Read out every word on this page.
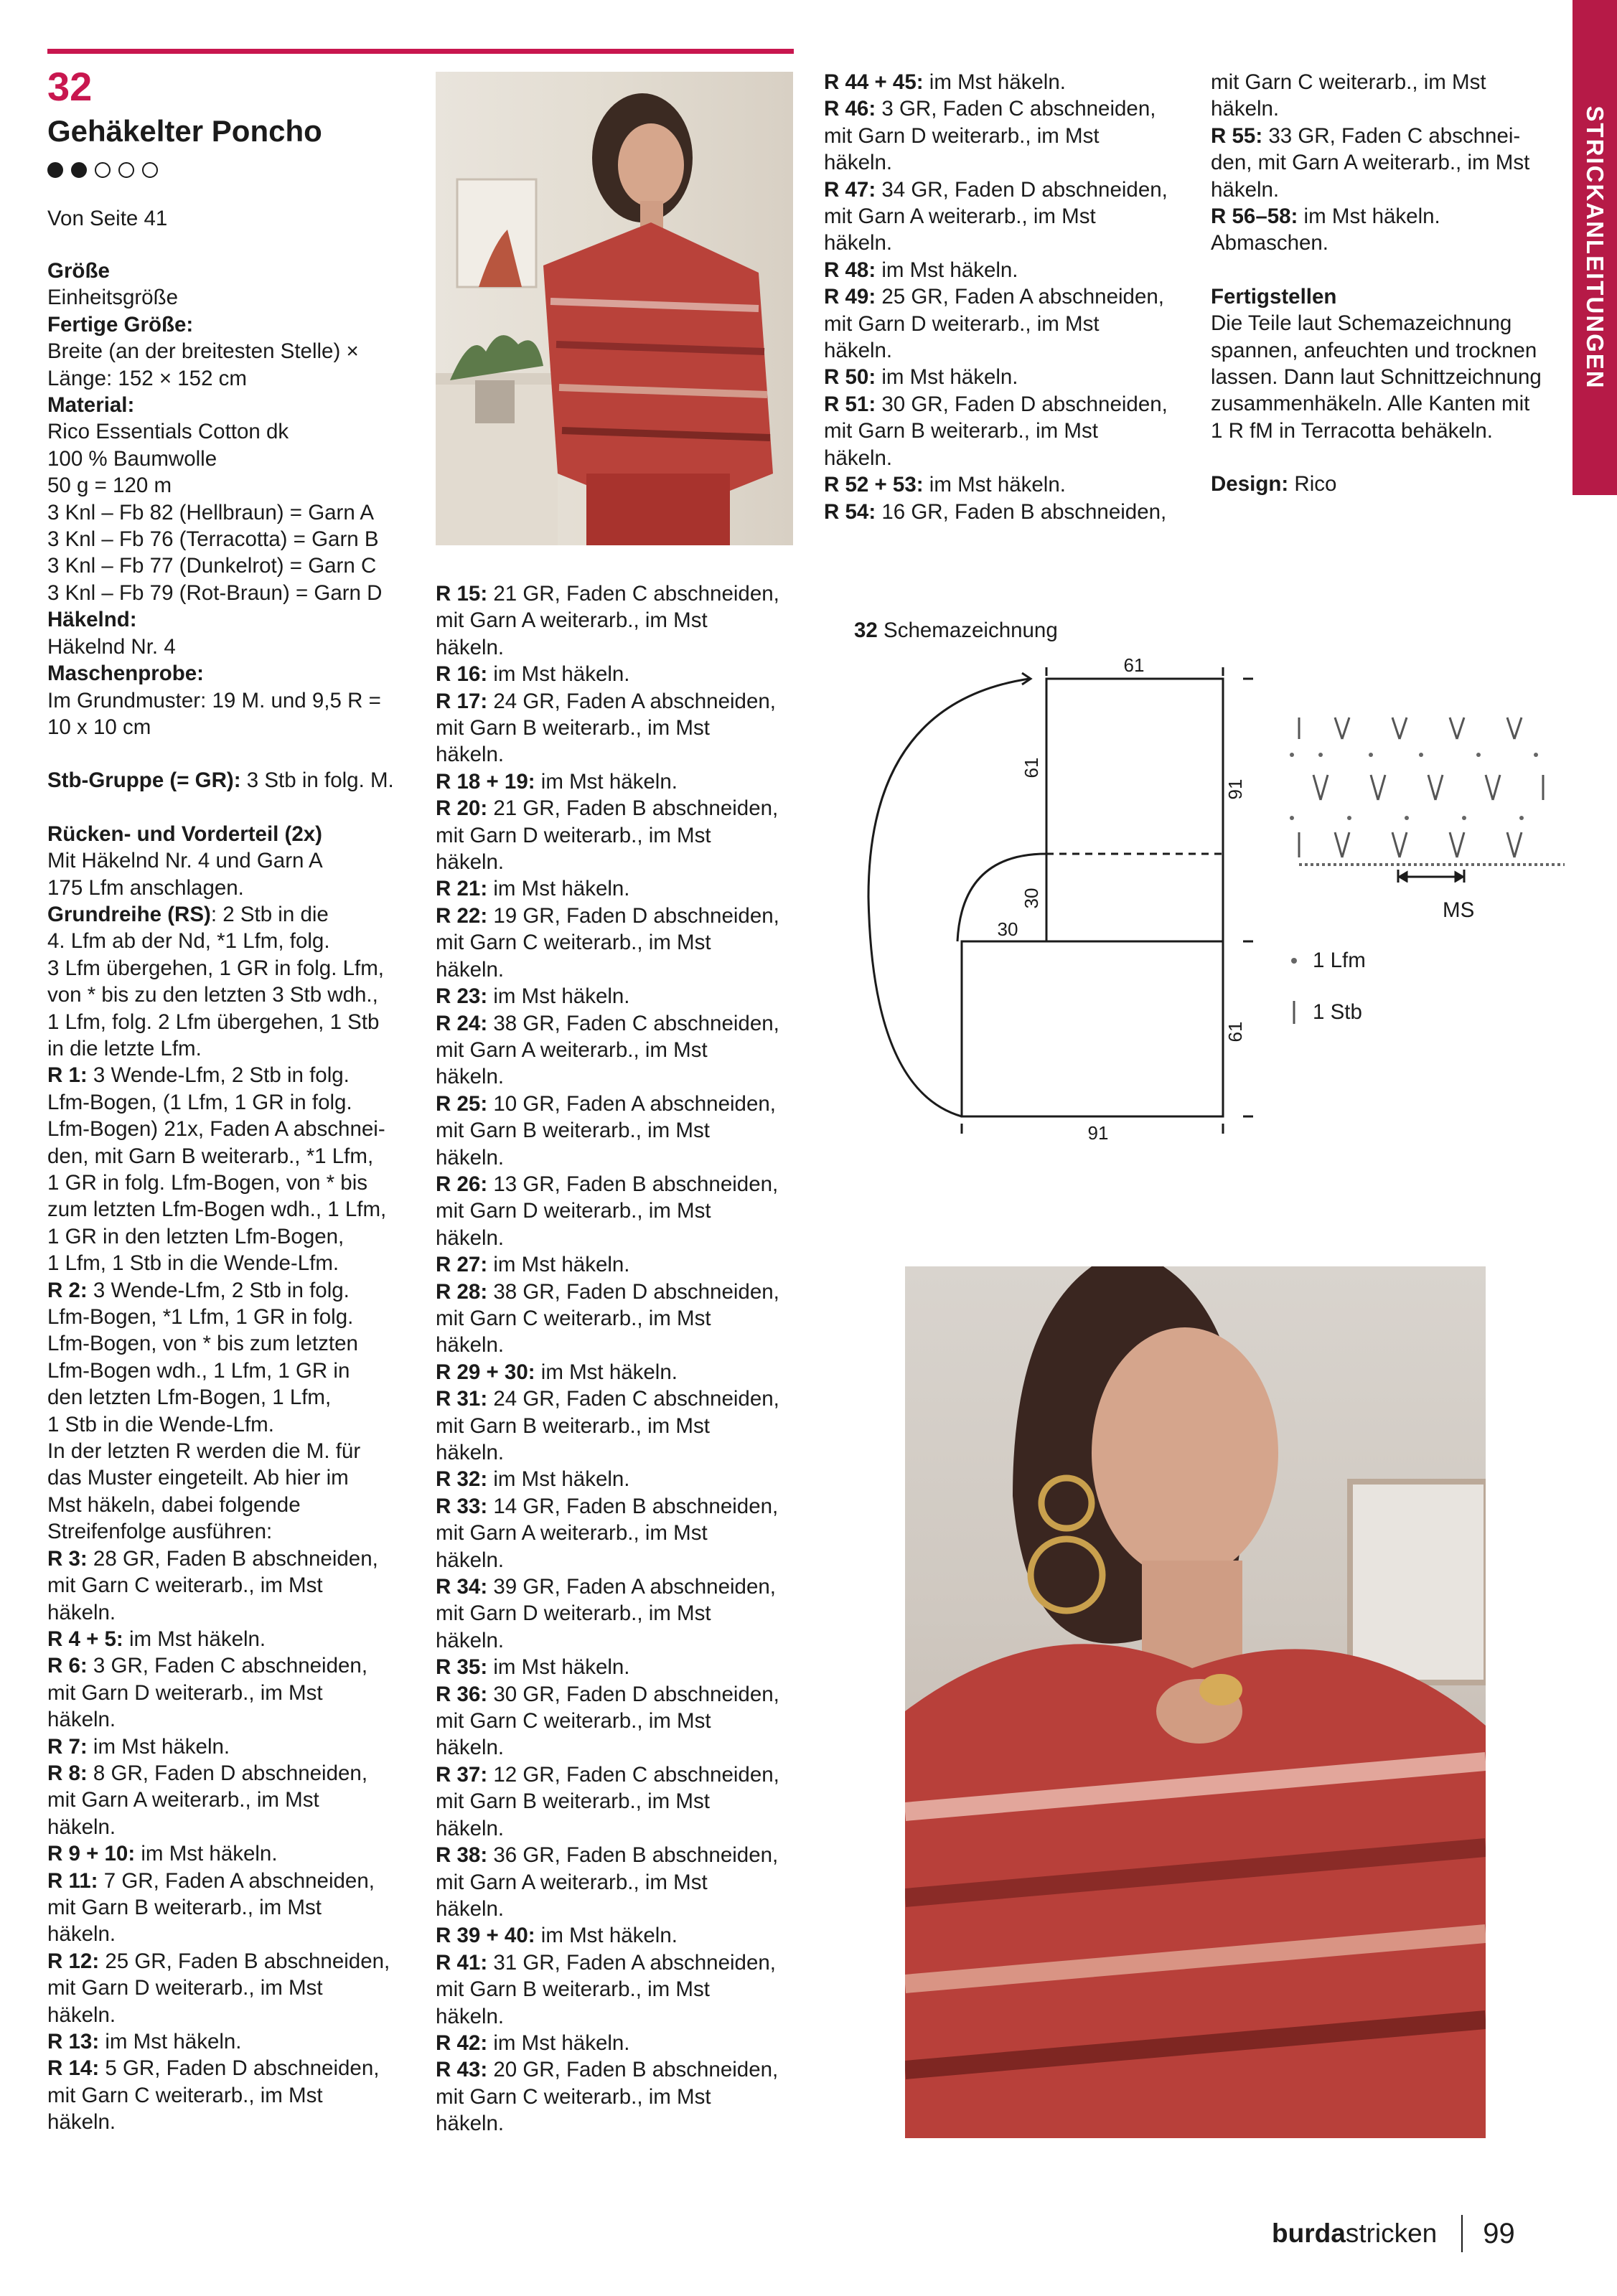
32
Gehäkelter Poncho
Von Seite 41

Größe

Einheitsgröße

Fertige Größe:

Breite (an der breitesten Stelle) ×

Länge: 152 × 152 cm

Material:

Rico Essentials Cotton dk

100 % Baumwolle

50 g = 120 m

3 Knl – Fb 82 (Hellbraun) = Garn A

3 Knl – Fb 76 (Terracotta) = Garn B

3 Knl – Fb 77 (Dunkelrot) = Garn C

3 Knl – Fb 79 (Rot-Braun) = Garn D

Häkelnd:

Häkelnd Nr. 4

Maschenprobe:

Im Grundmuster: 19 M. und 9,5 R =

10 x 10 cm

Stb-Gruppe (= GR): 3 Stb in folg. M.

Rücken- und Vorderteil (2x)

Mit Häkelnd Nr. 4 und Garn A

175 Lfm anschlagen.

Grundreihe (RS): 2 Stb in die

4. Lfm ab der Nd, *1 Lfm, folg.

3 Lfm übergehen, 1 GR in folg. Lfm,

von * bis zu den letzten 3 Stb wdh.,

1 Lfm, folg. 2 Lfm übergehen, 1 Stb

in die letzte Lfm.

R 1: 3 Wende-Lfm, 2 Stb in folg.

Lfm-Bogen, (1 Lfm, 1 GR in folg.

Lfm-Bogen) 21x, Faden A abschnei-

den, mit Garn B weiterarb., *1 Lfm,

1 GR in folg. Lfm-Bogen, von * bis

zum letzten Lfm-Bogen wdh., 1 Lfm,

1 GR in den letzten Lfm-Bogen,

1 Lfm, 1 Stb in die Wende-Lfm.

R 2: 3 Wende-Lfm, 2 Stb in folg.

Lfm-Bogen, *1 Lfm, 1 GR in folg.

Lfm-Bogen, von * bis zum letzten

Lfm-Bogen wdh., 1 Lfm, 1 GR in

den letzten Lfm-Bogen, 1 Lfm,

1 Stb in die Wende-Lfm.

In der letzten R werden die M. für

das Muster eingeteilt. Ab hier im

Mst häkeln, dabei folgende

Streifenfolge ausführen:

R 3: 28 GR, Faden B abschneiden,

mit Garn C weiterarb., im Mst

häkeln.

R 4 + 5: im Mst häkeln.

R 6: 3 GR, Faden C abschneiden,

mit Garn D weiterarb., im Mst

häkeln.

R 7: im Mst häkeln.

R 8: 8 GR, Faden D abschneiden,

mit Garn A weiterarb., im Mst

häkeln.

R 9 + 10: im Mst häkeln.

R 11: 7 GR, Faden A abschneiden,

mit Garn B weiterarb., im Mst

häkeln.

R 12: 25 GR, Faden B abschneiden,

mit Garn D weiterarb., im Mst

häkeln.

R 13: im Mst häkeln.

R 14: 5 GR, Faden D abschneiden,

mit Garn C weiterarb., im Mst

häkeln.

R 15: 21 GR, Faden C abschneiden,

mit Garn A weiterarb., im Mst

häkeln.

R 16: im Mst häkeln.

R 17: 24 GR, Faden A abschneiden,

mit Garn B weiterarb., im Mst

häkeln.

R 18 + 19: im Mst häkeln.

R 20: 21 GR, Faden B abschneiden,

mit Garn D weiterarb., im Mst

häkeln.

R 21: im Mst häkeln.

R 22: 19 GR, Faden D abschneiden,

mit Garn C weiterarb., im Mst

häkeln.

R 23: im Mst häkeln.

R 24: 38 GR, Faden C abschneiden,

mit Garn A weiterarb., im Mst

häkeln.

R 25: 10 GR, Faden A abschneiden,

mit Garn B weiterarb., im Mst

häkeln.

R 26: 13 GR, Faden B abschneiden,

mit Garn D weiterarb., im Mst

häkeln.

R 27: im Mst häkeln.

R 28: 38 GR, Faden D abschneiden,

mit Garn C weiterarb., im Mst

häkeln.

R 29 + 30: im Mst häkeln.

R 31: 24 GR, Faden C abschneiden,

mit Garn B weiterarb., im Mst

häkeln.

R 32: im Mst häkeln.

R 33: 14 GR, Faden B abschneiden,

mit Garn A weiterarb., im Mst

häkeln.

R 34: 39 GR, Faden A abschneiden,

mit Garn D weiterarb., im Mst

häkeln.

R 35: im Mst häkeln.

R 36: 30 GR, Faden D abschneiden,

mit Garn C weiterarb., im Mst

häkeln.

R 37: 12 GR, Faden C abschneiden,

mit Garn B weiterarb., im Mst

häkeln.

R 38: 36 GR, Faden B abschneiden,

mit Garn A weiterarb., im Mst

häkeln.

R 39 + 40: im Mst häkeln.

R 41: 31 GR, Faden A abschneiden,

mit Garn B weiterarb., im Mst

häkeln.

R 42: im Mst häkeln.

R 43: 20 GR, Faden B abschneiden,

mit Garn C weiterarb., im Mst

häkeln.

R 44 + 45: im Mst häkeln.

R 46: 3 GR, Faden C abschneiden,

mit Garn D weiterarb., im Mst

häkeln.

R 47: 34 GR, Faden D abschneiden,

mit Garn A weiterarb., im Mst

häkeln.

R 48: im Mst häkeln.

R 49: 25 GR, Faden A abschneiden,

mit Garn D weiterarb., im Mst

häkeln.

R 50: im Mst häkeln.

R 51: 30 GR, Faden D abschneiden,

mit Garn B weiterarb., im Mst

häkeln.

R 52 + 53: im Mst häkeln.

R 54: 16 GR, Faden B abschneiden,

mit Garn C weiterarb., im Mst

häkeln.

R 55: 33 GR, Faden C abschnei-

den, mit Garn A weiterarb., im Mst

häkeln.

R 56–58: im Mst häkeln.

Abmaschen.

Fertigstellen

Die Teile laut Schemazeichnung

spannen, anfeuchten und trocknen

lassen. Dann laut Schnittzeichnung

zusammenhäkeln. Alle Kanten mit

1 R fM in Terracotta behäkeln.

Design: Rico

STRICKANLEITUNGEN
32 Schemazeichnung
61
91
61
30
30
61
91
MS
1 Lfm
1 Stb
burda stricken 99
